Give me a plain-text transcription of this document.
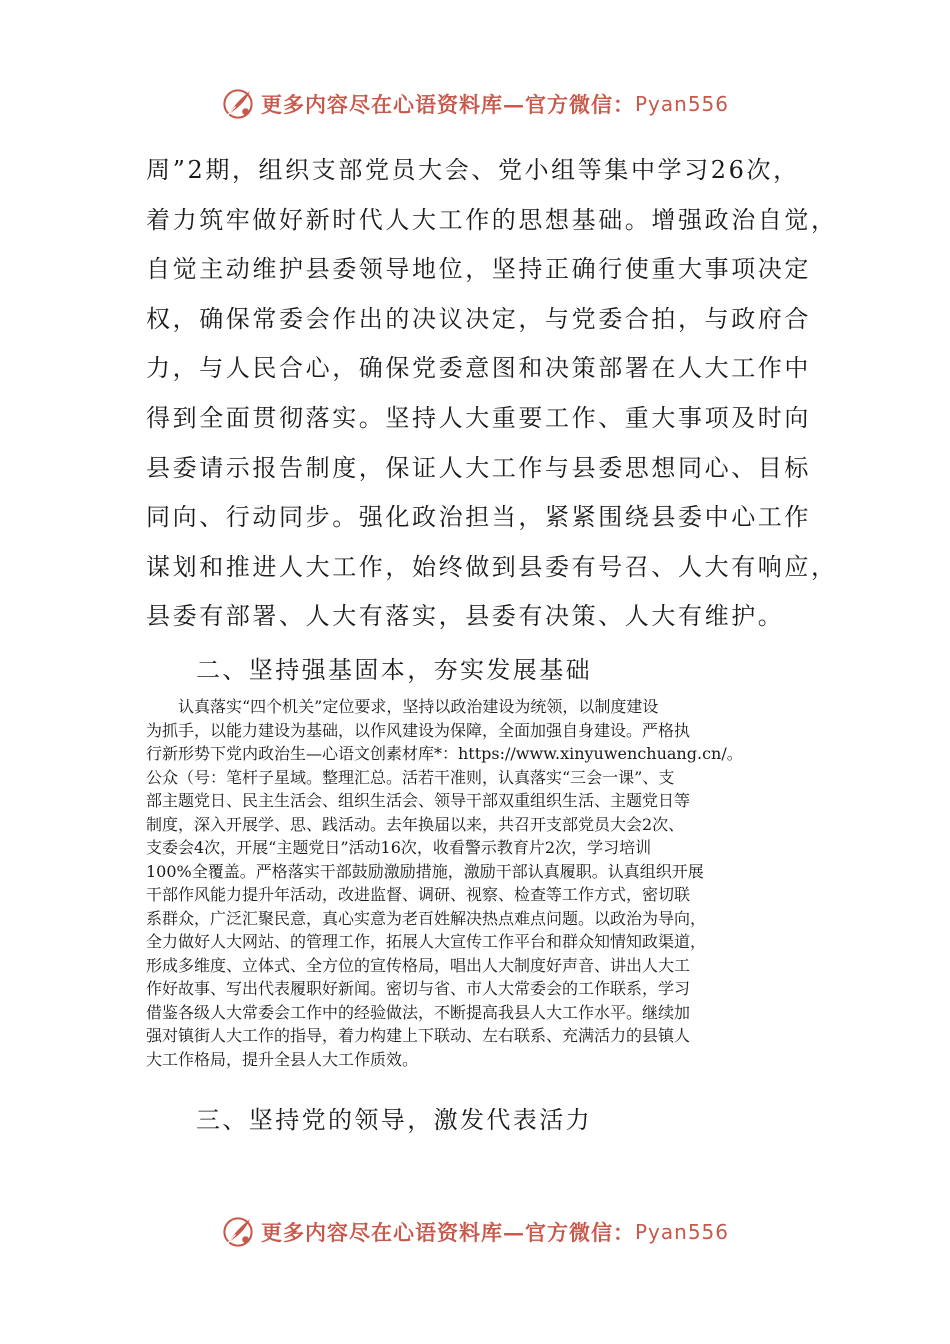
更多内容尽在心语资料库—官方微信： Pyan556
周”2期，组织支部党员大会、党小组等集中学习26次，
着力筑牢做好新时代人大工作的思想基础。增强政治自觉，
自觉主动维护县委领导地位，坚持正确行使重大事项决定
权，确保常委会作出的决议决定，与党委合拍，与政府合
力，与人民合心，确保党委意图和决策部署在人大工作中
得到全面贯彻落实。坚持人大重要工作、重大事项及时向
县委请示报告制度，保证人大工作与县委思想同心、目标
同向、行动同步。强化政治担当，紧紧围绕县委中心工作
谋划和推进人大工作，始终做到县委有号召、人大有响应，
县委有部署、人大有落实，县委有决策、人大有维护。
二、坚持强基固本，夯实发展基础
　　认真落实“四个机关”定位要求，坚持以政治建设为统领，以制度建设
为抓手，以能力建设为基础，以作风建设为保障，全面加强自身建设。严格执
行新形势下党内政治生—心语文创素材库*：https://www.xinyuwenchuang.cn/。
公众（号：笔杆子星域。整理汇总。活若干准则，认真落实“三会一课”、支
部主题党日、民主生活会、组织生活会、领导干部双重组织生活、主题党日等
制度，深入开展学、思、践活动。去年换届以来，共召开支部党员大会2次、
支委会4次，开展“主题党日”活动16次，收看警示教育片2次，学习培训
100%全覆盖。严格落实干部鼓励激励措施，激励干部认真履职。认真组织开展
干部作风能力提升年活动，改进监督、调研、视察、检查等工作方式，密切联
系群众，广泛汇聚民意，真心实意为老百姓解决热点难点问题。以政治为导向，
全力做好人大网站、的管理工作，拓展人大宣传工作平台和群众知情知政渠道，
形成多维度、立体式、全方位的宣传格局，唱出人大制度好声音、讲出人大工
作好故事、写出代表履职好新闻。密切与省、市人大常委会的工作联系，学习
借鉴各级人大常委会工作中的经验做法，不断提高我县人大工作水平。继续加
强对镇街人大工作的指导，着力构建上下联动、左右联系、充满活力的县镇人
大工作格局，提升全县人大工作质效。
三、坚持党的领导，激发代表活力
更多内容尽在心语资料库—官方微信： Pyan556
